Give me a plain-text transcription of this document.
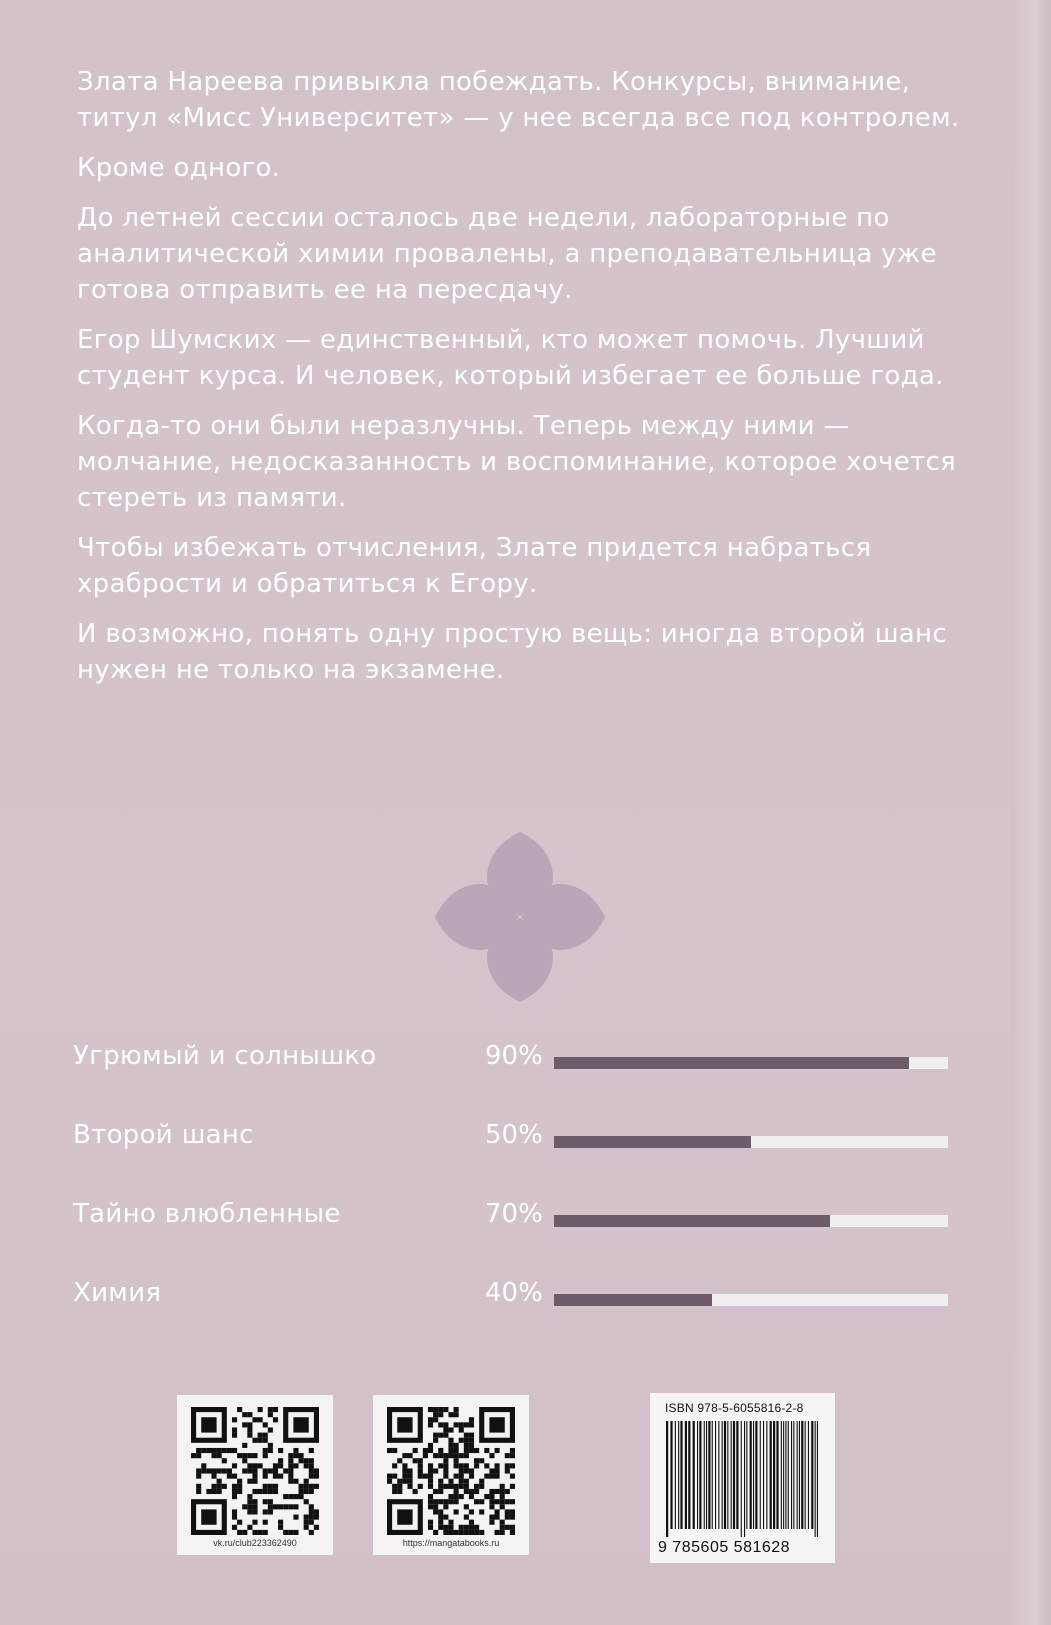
Злата Нареева привыкла побеждать. Конкурсы, внимание, титул «Мисс Университет» — у нее всегда все под контролем.

Кроме одного.

До летней сессии осталось две недели, лабораторные по аналитической химии провалены, а преподавательница уже готова отправить ее на пересдачу.

Егор Шумских — единственный, кто может помочь. Лучший студент курса. И человек, который избегает ее больше года.

Когда-то они были неразлучны. Теперь между ними — молчание, недосказанность и воспоминание, которое хочется стереть из памяти.

Чтобы избежать отчисления, Злате придется набраться храбрости и обратиться к Егору.

И возможно, понять одну простую вещь: иногда второй шанс нужен не только на экзамене.

Угрюмый и солнышко	90%
Второй шанс	50%
Тайно влюбленные	70%
Химия	40%
vk.ru/club223362490	https://mangatabooks.ru
ISBN 978-5-6055816-2-8
9 785605 581628
